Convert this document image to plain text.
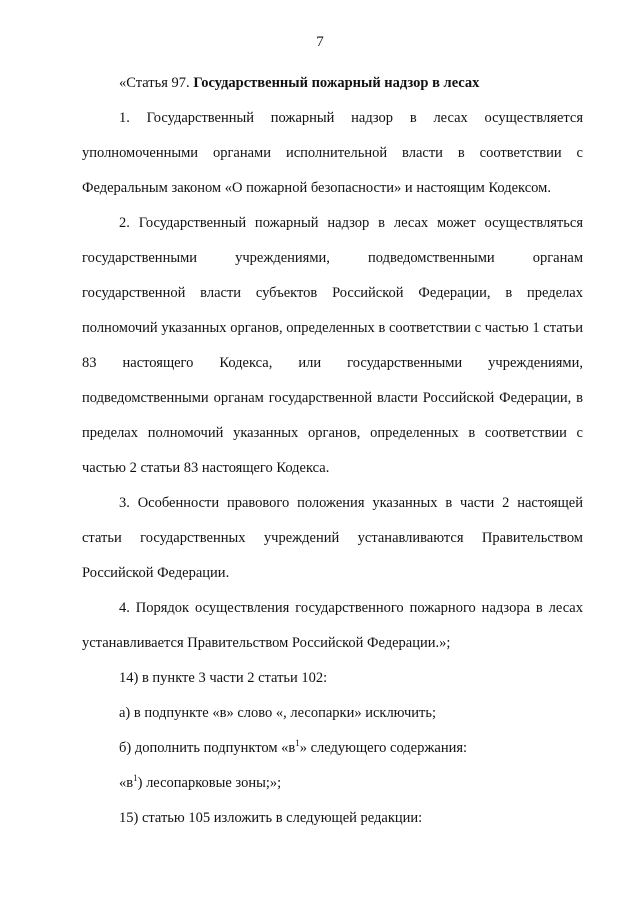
7

«Статья 97. Государственный пожарный надзор в лесах

1. Государственный пожарный надзор в лесах осуществляется уполномоченными органами исполнительной власти в соответствии с Федеральным законом «О пожарной безопасности» и настоящим Кодексом.

2. Государственный пожарный надзор в лесах может осуществляться государственными учреждениями, подведомственными органам государственной власти субъектов Российской Федерации, в пределах полномочий указанных органов, определенных в соответствии с частью 1 статьи 83 настоящего Кодекса, или государственными учреждениями, подведомственными органам государственной власти Российской Федерации, в пределах полномочий указанных органов, определенных в соответствии с частью 2 статьи 83 настоящего Кодекса.

3. Особенности правового положения указанных в части 2 настоящей статьи государственных учреждений устанавливаются Правительством Российской Федерации.

4. Порядок осуществления государственного пожарного надзора в лесах устанавливается Правительством Российской Федерации.»;

14) в пункте 3 части 2 статьи 102:

а) в подпункте «в» слово «, лесопарки» исключить;

б) дополнить подпунктом «$в^1$» следующего содержания:

«$в^1$) лесопарковые зоны;»;

15) статью 105 изложить в следующей редакции:
